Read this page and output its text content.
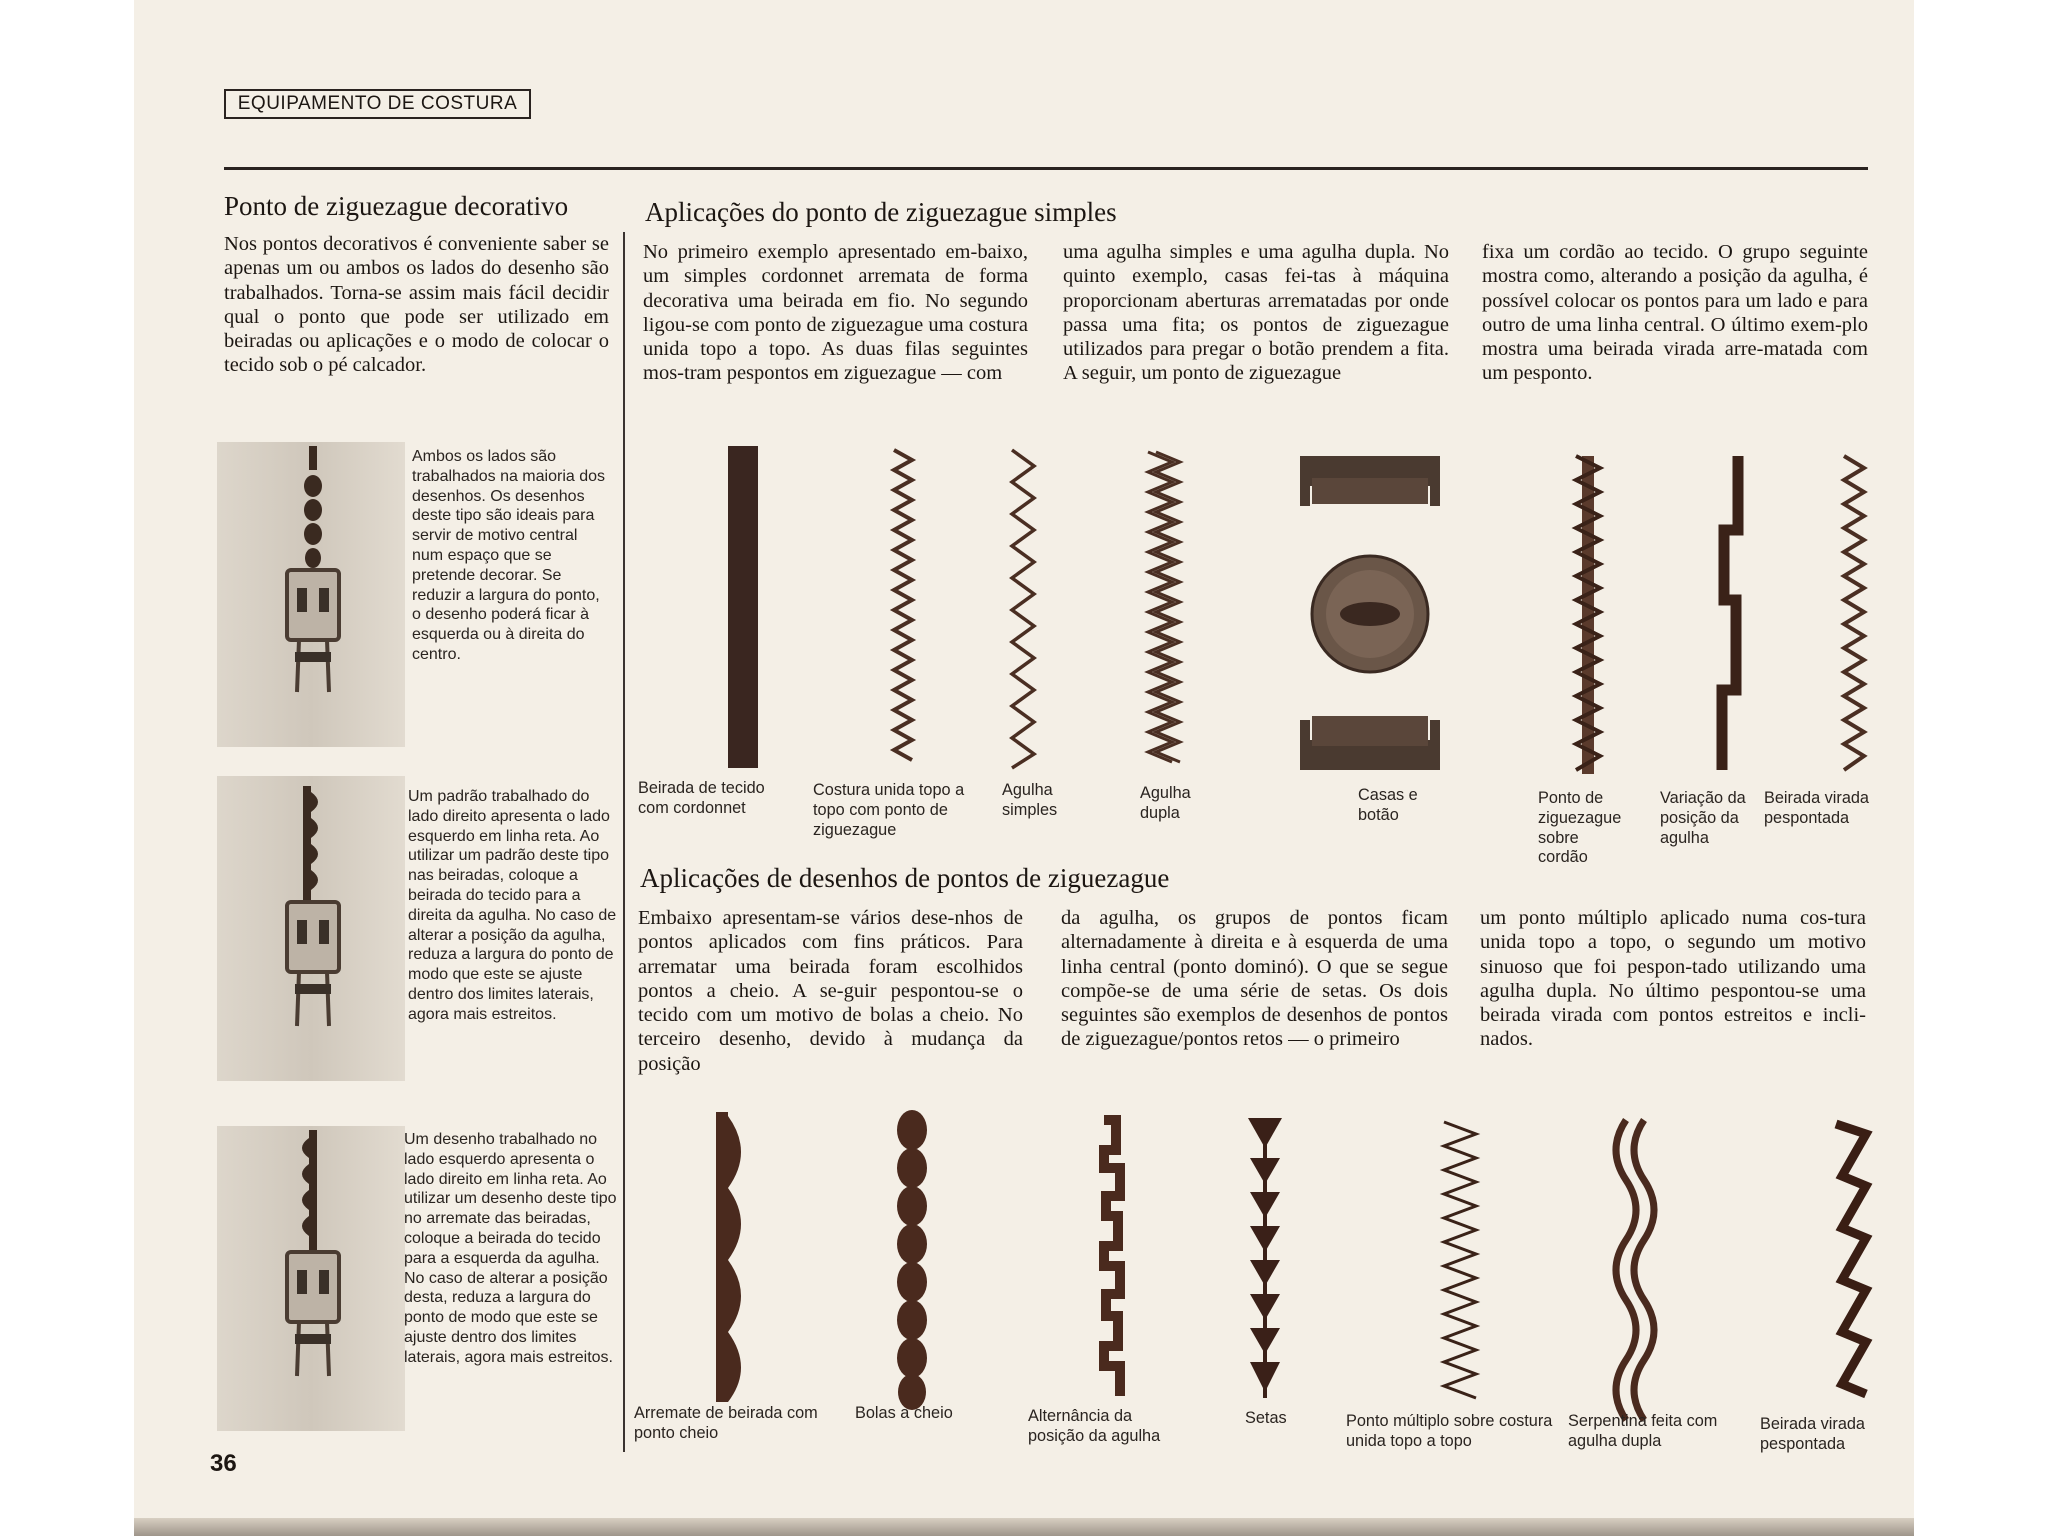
EQUIPAMENTO DE COSTURA
Ponto de ziguezague decorativo
Nos pontos decorativos é conveniente saber se apenas um ou ambos os lados do desenho são trabalhados. Torna-se assim mais fácil decidir qual o ponto que pode ser utilizado em beiradas ou aplicações e o modo de colocar o tecido sob o pé calcador.
Ambos os lados são trabalhados na maioria dos desenhos. Os desenhos deste tipo são ideais para servir de motivo central num espaço que se pretende decorar. Se reduzir a largura do ponto, o desenho poderá ficar à esquerda ou à direita do centro.
Um padrão trabalhado do lado direito apresenta o lado esquerdo em linha reta. Ao utilizar um padrão deste tipo nas beiradas, coloque a beirada do tecido para a direita da agulha. No caso de alterar a posição da agulha, reduza a largura do ponto de modo que este se ajuste dentro dos limites laterais, agora mais estreitos.
Um desenho trabalhado no lado esquerdo apresenta o lado direito em linha reta. Ao utilizar um desenho deste tipo no arremate das beiradas, coloque a beirada do tecido para a esquerda da agulha. No caso de alterar a posição desta, reduza a largura do ponto de modo que este se ajuste dentro dos limites laterais, agora mais estreitos.
36
Aplicações do ponto de ziguezague simples
No primeiro exemplo apresentado em-baixo, um simples cordonnet arremata de forma decorativa uma beirada em fio. No segundo ligou-se com ponto de ziguezague uma costura unida topo a topo. As duas filas seguintes mos-tram pespontos em ziguezague — com
uma agulha simples e uma agulha dupla. No quinto exemplo, casas fei-tas à máquina proporcionam aberturas arrematadas por onde passa uma fita; os pontos de ziguezague utilizados para pregar o botão prendem a fita. A seguir, um ponto de ziguezague
fixa um cordão ao tecido. O grupo seguinte mostra como, alterando a posição da agulha, é possível colocar os pontos para um lado e para outro de uma linha central. O último exem-plo mostra uma beirada virada arre-matada com um pesponto.
Beirada de tecido com cordonnet
Costura unida topo a topo com ponto de ziguezague
Agulha simples
Agulha dupla
Casas e botão
Ponto de ziguezague sobre cordão
Variação da posição da agulha
Beirada virada pespontada
Aplicações de desenhos de pontos de ziguezague
Embaixo apresentam-se vários dese-nhos de pontos aplicados com fins práticos. Para arrematar uma beirada foram escolhidos pontos a cheio. A se-guir pespontou-se o tecido com um motivo de bolas a cheio. No terceiro desenho, devido à mudança da posição
da agulha, os grupos de pontos ficam alternadamente à direita e à esquerda de uma linha central (ponto dominó). O que se segue compõe-se de uma série de setas. Os dois seguintes são exemplos de desenhos de pontos de ziguezague/pontos retos — o primeiro
um ponto múltiplo aplicado numa cos-tura unida topo a topo, o segundo um motivo sinuoso que foi pespon-tado utilizando uma agulha dupla. No último pespontou-se uma beirada virada com pontos estreitos e incli-nados.
Arremate de beirada com ponto cheio
Bolas a cheio	Alternância da posição da agulha
Setas	Ponto múltiplo sobre costura unida topo a topo
Serpentina feita com agulha dupla
Beirada virada pespontada
